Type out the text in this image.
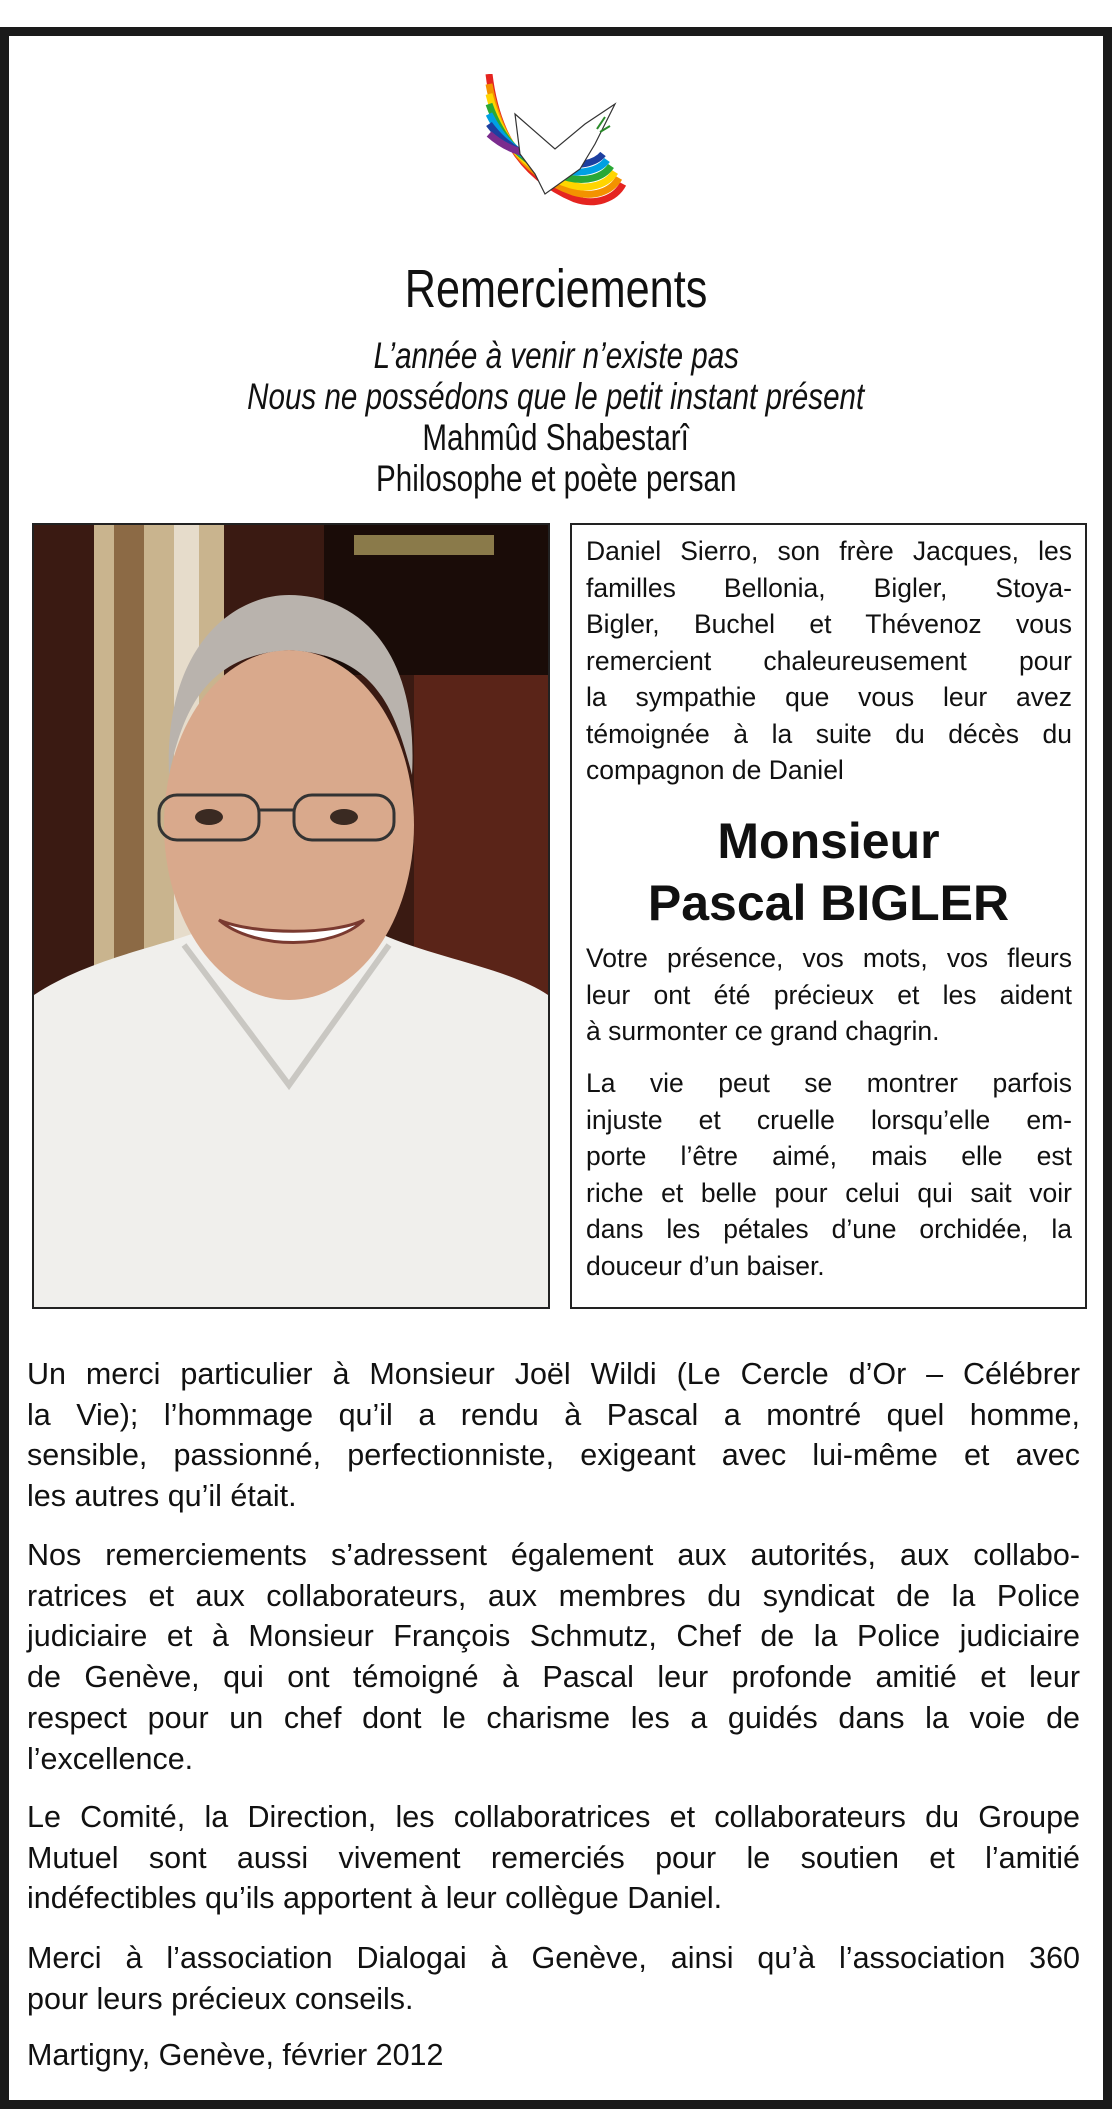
Remerciements
L’année à venir n’existe pas
Nous ne possédons que le petit instant présent
Mahmûd Shabestarî
Philosophe et poète persan
Daniel Sierro, son frère Jacques, les
familles Bellonia, Bigler, Stoya-
Bigler, Buchel et Thévenoz vous
remercient chaleureusement pour
la sympathie que vous leur avez
témoignée à la suite du décès du
compagnon de Daniel
Monsieur
Pascal BIGLER
Votre présence, vos mots, vos fleurs
leur ont été précieux et les aident
à surmonter ce grand chagrin.
La vie peut se montrer parfois
injuste et cruelle lorsqu’elle em-
porte l’être aimé, mais elle est
riche et belle pour celui qui sait voir
dans les pétales d’une orchidée, la
douceur d’un baiser.
Un merci particulier à Monsieur Joël Wildi (Le Cercle d’Or – Célébrer
la Vie); l’hommage qu’il a rendu à Pascal a montré quel homme,
sensible, passionné, perfectionniste, exigeant avec lui-même et avec
les autres qu’il était.
Nos remerciements s’adressent également aux autorités, aux collabo-
ratrices et aux collaborateurs, aux membres du syndicat de la Police
judiciaire et à Monsieur François Schmutz, Chef de la Police judiciaire
de Genève, qui ont témoigné à Pascal leur profonde amitié et leur
respect pour un chef dont le charisme les a guidés dans la voie de
l’excellence.
Le Comité, la Direction, les collaboratrices et collaborateurs du Groupe
Mutuel sont aussi vivement remerciés pour le soutien et l’amitié
indéfectibles qu’ils apportent à leur collègue Daniel.
Merci à l’association Dialogai à Genève, ainsi qu’à l’association 360
pour leurs précieux conseils.
Martigny, Genève, février 2012
